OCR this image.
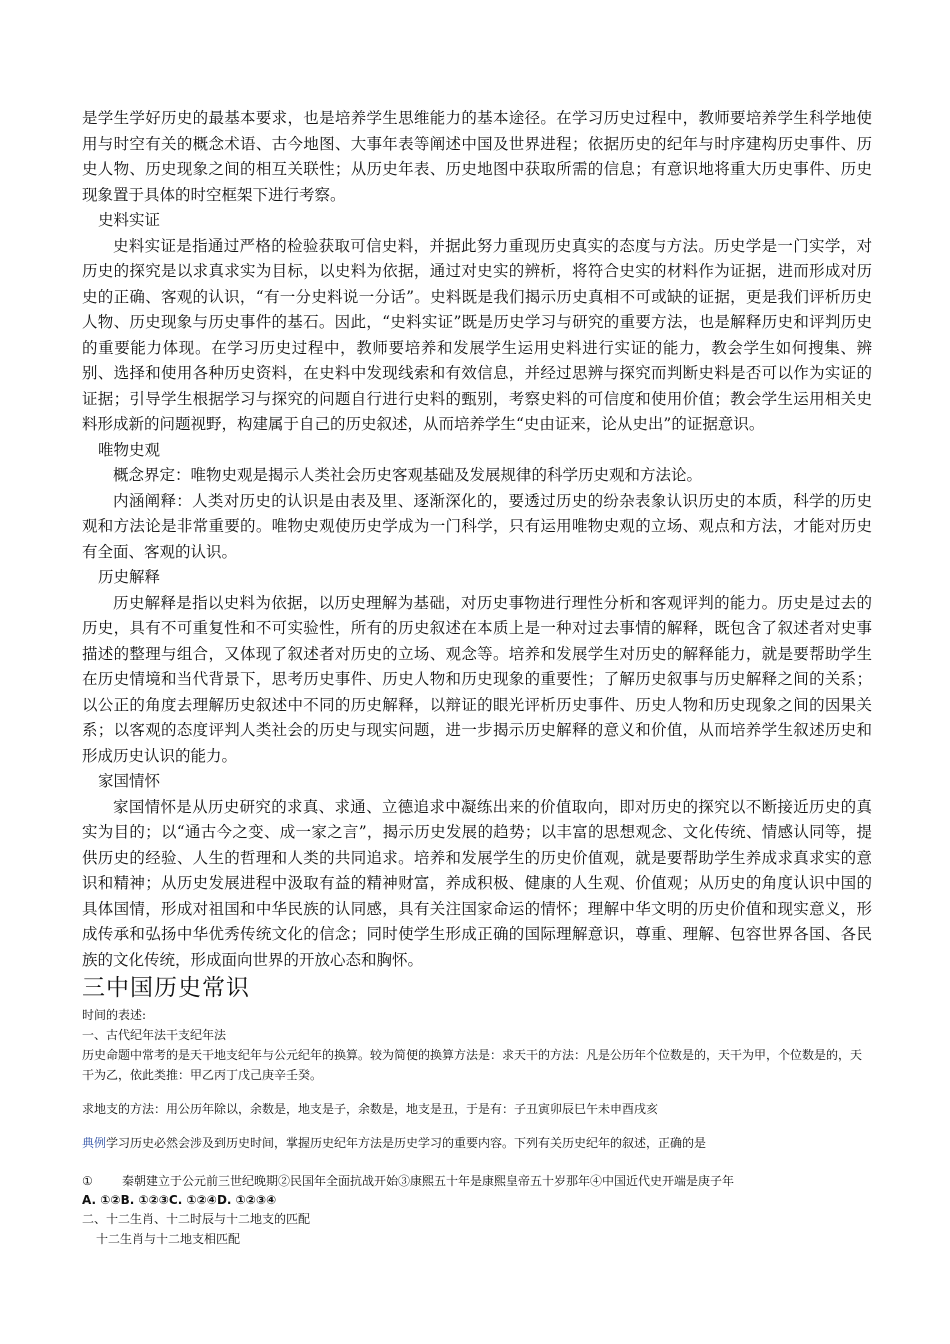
是学生学好历史的最基本要求，也是培养学生思维能力的基本途径。在学习历史过程中，教师要培养学生科学地使用与时空有关的概念术语、古今地图、大事年表等阐述中国及世界进程；依据历史的纪年与时序建构历史事件、历史人物、历史现象之间的相互关联性；从历史年表、历史地图中获取所需的信息；有意识地将重大历史事件、历史现象置于具体的时空框架下进行考察。

史料实证

史料实证是指通过严格的检验获取可信史料，并据此努力重现历史真实的态度与方法。历史学是一门实学，对历史的探究是以求真求实为目标，以史料为依据，通过对史实的辨析，将符合史实的材料作为证据，进而形成对历史的正确、客观的认识，“有一分史料说一分话”。史料既是我们揭示历史真相不可或缺的证据，更是我们评析历史人物、历史现象与历史事件的基石。因此，“史料实证”既是历史学习与研究的重要方法，也是解释历史和评判历史的重要能力体现。在学习历史过程中，教师要培养和发展学生运用史料进行实证的能力，教会学生如何搜集、辨别、选择和使用各种历史资料，在史料中发现线索和有效信息，并经过思辨与探究而判断史料是否可以作为实证的证据；引导学生根据学习与探究的问题自行进行史料的甄别，考察史料的可信度和使用价值；教会学生运用相关史料形成新的问题视野，构建属于自己的历史叙述，从而培养学生“史由证来，论从史出”的证据意识。

唯物史观

概念界定：唯物史观是揭示人类社会历史客观基础及发展规律的科学历史观和方法论。

内涵阐释：人类对历史的认识是由表及里、逐渐深化的，要透过历史的纷杂表象认识历史的本质，科学的历史观和方法论是非常重要的。唯物史观使历史学成为一门科学，只有运用唯物史观的立场、观点和方法，才能对历史有全面、客观的认识。

历史解释

历史解释是指以史料为依据，以历史理解为基础，对历史事物进行理性分析和客观评判的能力。历史是过去的历史，具有不可重复性和不可实验性，所有的历史叙述在本质上是一种对过去事情的解释，既包含了叙述者对史事描述的整理与组合，又体现了叙述者对历史的立场、观念等。培养和发展学生对历史的解释能力，就是要帮助学生在历史情境和当代背景下，思考历史事件、历史人物和历史现象的重要性；了解历史叙事与历史解释之间的关系；以公正的角度去理解历史叙述中不同的历史解释，以辩证的眼光评析历史事件、历史人物和历史现象之间的因果关系；以客观的态度评判人类社会的历史与现实问题，进一步揭示历史解释的意义和价值，从而培养学生叙述历史和形成历史认识的能力。

家国情怀

家国情怀是从历史研究的求真、求通、立德追求中凝练出来的价值取向，即对历史的探究以不断接近历史的真实为目的；以“通古今之变、成一家之言”，揭示历史发展的趋势；以丰富的思想观念、文化传统、情感认同等，提供历史的经验、人生的哲理和人类的共同追求。培养和发展学生的历史价值观，就是要帮助学生养成求真求实的意识和精神；从历史发展进程中汲取有益的精神财富，养成积极、健康的人生观、价值观；从历史的角度认识中国的具体国情，形成对祖国和中华民族的认同感，具有关注国家命运的情怀；理解中华文明的历史价值和现实意义，形成传承和弘扬中华优秀传统文化的信念；同时使学生形成正确的国际理解意识，尊重、理解、包容世界各国、各民族的文化传统，形成面向世界的开放心态和胸怀。

三中国历史常识

时间的表述:

一、古代纪年法干支纪年法

历史命题中常考的是天干地支纪年与公元纪年的换算。较为简便的换算方法是：求天干的方法：凡是公历年个位数是的，天干为甲，个位数是的，天干为乙，依此类推：甲乙丙丁戊己庚辛壬癸。

求地支的方法：用公历年除以，余数是，地支是子，余数是，地支是丑，于是有：子丑寅卯辰巳午未申酉戌亥

典例学习历史必然会涉及到历史时间，掌握历史纪年方法是历史学习的重要内容。下列有关历史纪年的叙述，正确的是

① 秦朝建立于公元前三世纪晚期②民国年全面抗战开始③康熙五十年是康熙皇帝五十岁那年④中国近代史开端是庚子年

A. ①②B. ①②③C. ①②④D. ①②③④

二、十二生肖、十二时辰与十二地支的匹配

十二生肖与十二地支相匹配
